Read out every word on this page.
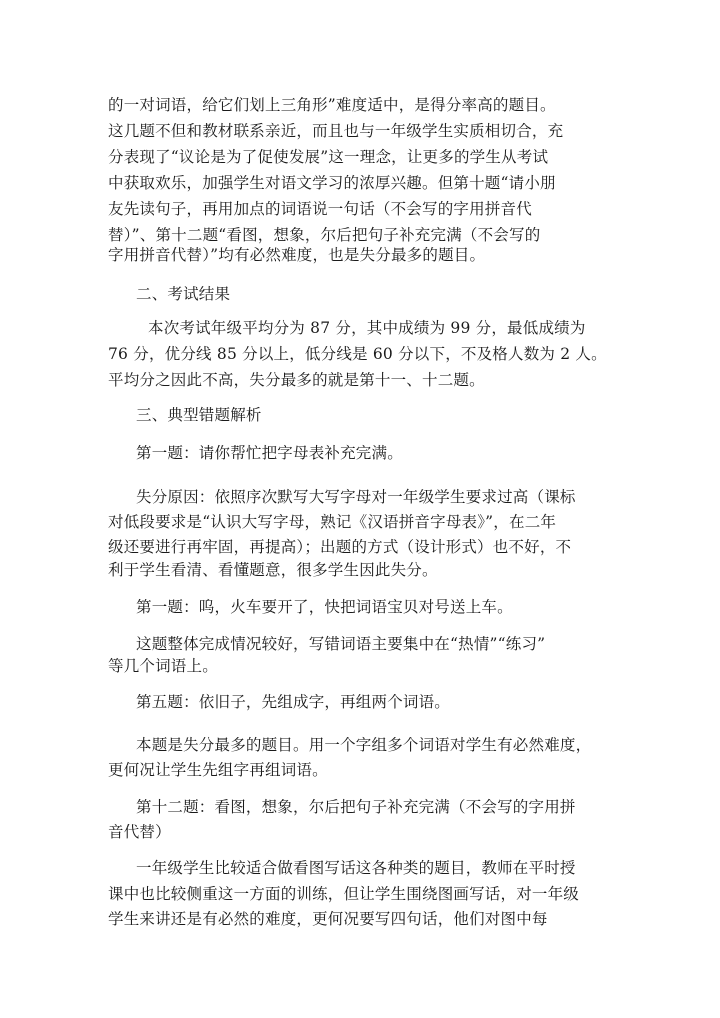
的一对词语，给它们划上三角形”难度适中，是得分率高的题目。
这几题不但和教材联系亲近，而且也与一年级学生实质相切合，充
分表现了“议论是为了促使发展”这一理念，让更多的学生从考试
中获取欢乐，加强学生对语文学习的浓厚兴趣。但第十题“请小朋
友先读句子，再用加点的词语说一句话（不会写的字用拼音代
替）”、第十二题“看图，想象，尔后把句子补充完满（不会写的
字用拼音代替）”均有必然难度，也是失分最多的题目。
二、考试结果
本次考试年级平均分为 87 分，其中成绩为 99 分，最低成绩为
76 分，优分线 85 分以上，低分线是 60 分以下，不及格人数为 2 人。
平均分之因此不高，失分最多的就是第十一、十二题。
三、典型错题解析
第一题：请你帮忙把字母表补充完满。
失分原因：依照序次默写大写字母对一年级学生要求过高（课标
对低段要求是“认识大写字母，熟记《汉语拼音字母表》”，在二年
级还要进行再牢固，再提高）；出题的方式（设计形式）也不好，不
利于学生看清、看懂题意，很多学生因此失分。
第一题：呜，火车要开了，快把词语宝贝对号送上车。
这题整体完成情况较好，写错词语主要集中在“热情”“练习”
等几个词语上。
第五题：依旧子，先组成字，再组两个词语。
本题是失分最多的题目。用一个字组多个词语对学生有必然难度，
更何况让学生先组字再组词语。
第十二题：看图，想象，尔后把句子补充完满（不会写的字用拼
音代替）
一年级学生比较适合做看图写话这各种类的题目，教师在平时授
课中也比较侧重这一方面的训练，但让学生围绕图画写话，对一年级
学生来讲还是有必然的难度，更何况要写四句话，他们对图中每
